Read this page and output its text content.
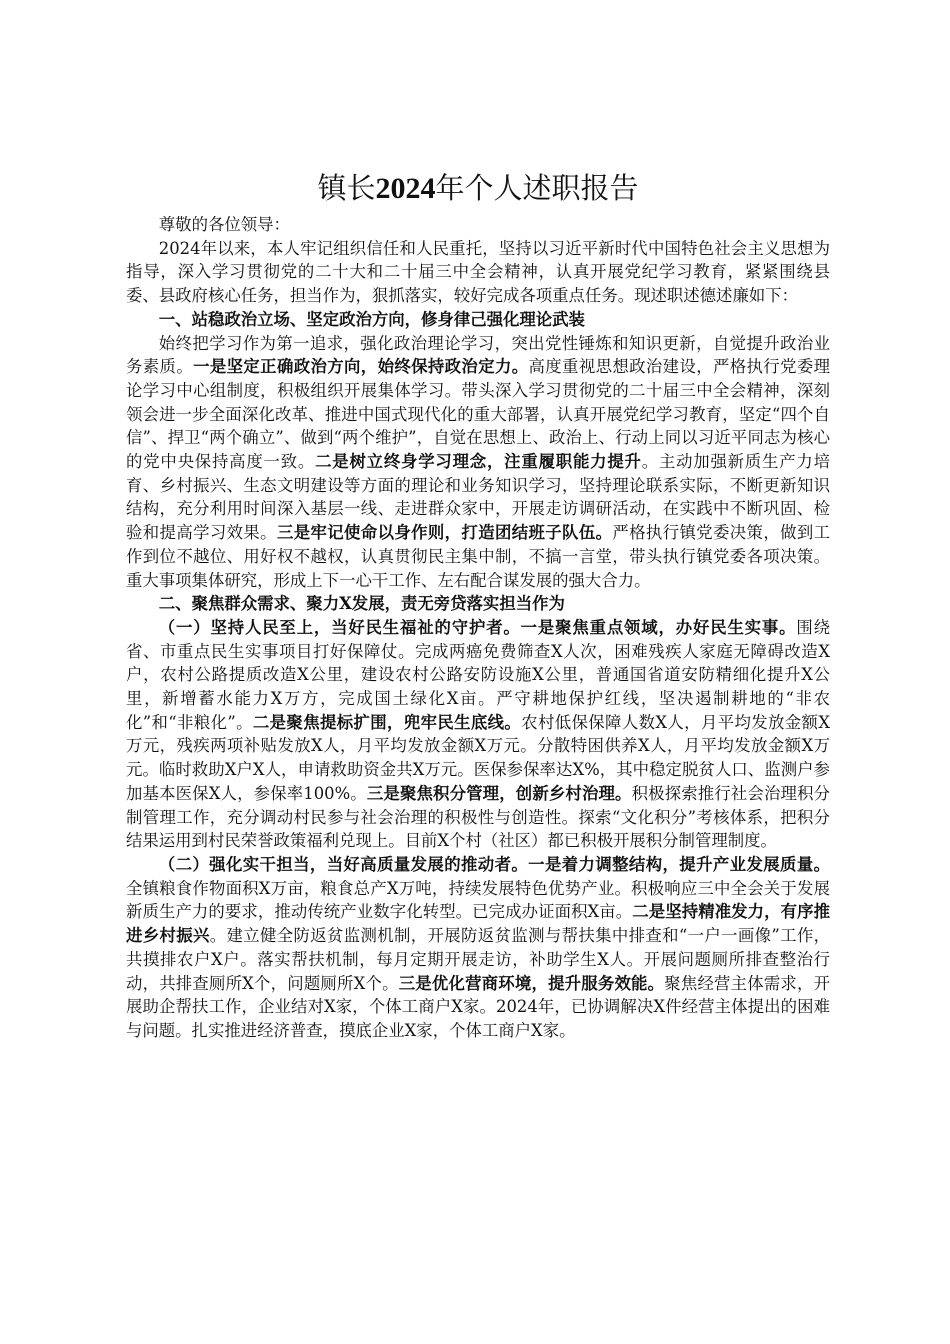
镇长2024年个人述职报告

尊敬的各位领导：

2024年以来，本人牢记组织信任和人民重托，坚持以习近平新时代中国特色社会主义思想为指导，深入学习贯彻党的二十大和二十届三中全会精神，认真开展党纪学习教育，紧紧围绕县委、县政府核心任务，担当作为，狠抓落实，较好完成各项重点任务。现述职述德述廉如下：

一、站稳政治立场、坚定政治方向，修身律己强化理论武装

始终把学习作为第一追求，强化政治理论学习，突出党性锤炼和知识更新，自觉提升政治业务素质。一是坚定正确政治方向，始终保持政治定力。高度重视思想政治建设，严格执行党委理论学习中心组制度，积极组织开展集体学习。带头深入学习贯彻党的二十届三中全会精神，深刻领会进一步全面深化改革、推进中国式现代化的重大部署，认真开展党纪学习教育，坚定“四个自信”、捍卫“两个确立”、做到“两个维护”，自觉在思想上、政治上、行动上同以习近平同志为核心的党中央保持高度一致。二是树立终身学习理念，注重履职能力提升。主动加强新质生产力培育、乡村振兴、生态文明建设等方面的理论和业务知识学习，坚持理论联系实际，不断更新知识结构，充分利用时间深入基层一线、走进群众家中，开展走访调研活动，在实践中不断巩固、检验和提高学习效果。三是牢记使命以身作则，打造团结班子队伍。严格执行镇党委决策，做到工作到位不越位、用好权不越权，认真贯彻民主集中制，不搞一言堂，带头执行镇党委各项决策。重大事项集体研究，形成上下一心干工作、左右配合谋发展的强大合力。

二、聚焦群众需求、聚力X发展，责无旁贷落实担当作为

（一）坚持人民至上，当好民生福祉的守护者。一是聚焦重点领域，办好民生实事。围绕省、市重点民生实事项目打好保障仗。完成两癌免费筛查X人次，困难残疾人家庭无障碍改造X户，农村公路提质改造X公里，建设农村公路安防设施X公里，普通国省道安防精细化提升X公里，新增蓄水能力X万方，完成国土绿化X亩。严守耕地保护红线，坚决遏制耕地的“非农化”和“非粮化”。二是聚焦提标扩围，兜牢民生底线。农村低保保障人数X人，月平均发放金额X万元，残疾两项补贴发放X人，月平均发放金额X万元。分散特困供养X人，月平均发放金额X万元。临时救助X户X人，申请救助资金共X万元。医保参保率达X%，其中稳定脱贫人口、监测户参加基本医保X人，参保率100%。三是聚焦积分管理，创新乡村治理。积极探索推行社会治理积分制管理工作，充分调动村民参与社会治理的积极性与创造性。探索“文化积分”考核体系，把积分结果运用到村民荣誉政策福利兑现上。目前X个村（社区）都已积极开展积分制管理制度。

（二）强化实干担当，当好高质量发展的推动者。一是着力调整结构，提升产业发展质量。全镇粮食作物面积X万亩，粮食总产X万吨，持续发展特色优势产业。积极响应三中全会关于发展新质生产力的要求，推动传统产业数字化转型。已完成办证面积X亩。二是坚持精准发力，有序推进乡村振兴。建立健全防返贫监测机制，开展防返贫监测与帮扶集中排查和“一户一画像”工作，共摸排农户X户。落实帮扶机制，每月定期开展走访，补助学生X人。开展问题厕所排查整治行动，共排查厕所X个，问题厕所X个。三是优化营商环境，提升服务效能。聚焦经营主体需求，开展助企帮扶工作，企业结对X家，个体工商户X家。2024年，已协调解决X件经营主体提出的困难与问题。扎实推进经济普查，摸底企业X家，个体工商户X家。
